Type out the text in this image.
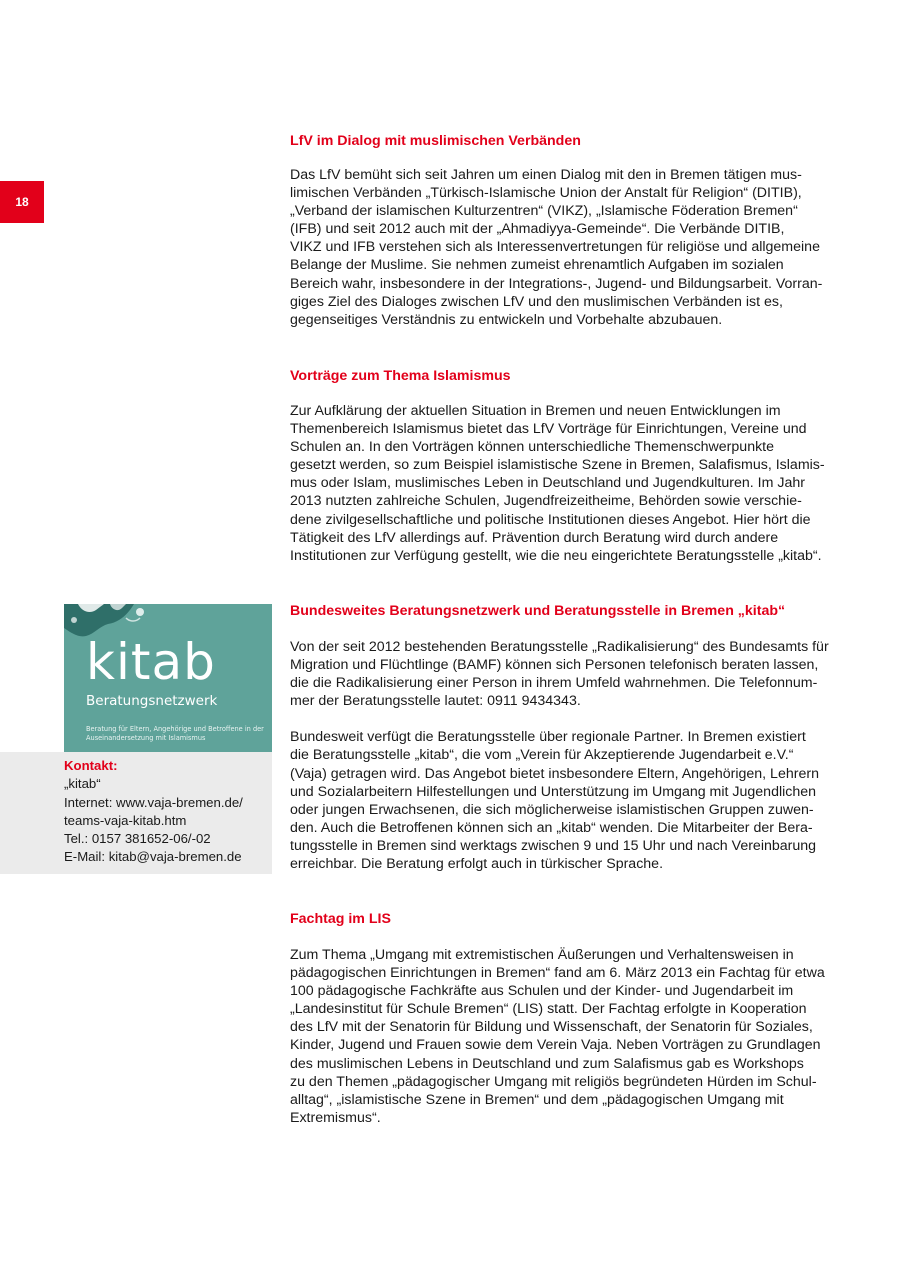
18
LfV im Dialog mit muslimischen Verbänden

Das LfV bemüht sich seit Jahren um einen Dialog mit den in Bremen tätigen mus-
limischen Verbänden „Türkisch-Islamische Union der Anstalt für Religion“ (DITIB),
„Verband der islamischen Kulturzentren“ (VIKZ), „Islamische Föderation Bremen“
(IFB) und seit 2012 auch mit der „Ahmadiyya-Gemeinde“. Die Verbände DITIB,
VIKZ und IFB verstehen sich als Interessenvertretungen für religiöse und allgemeine
Belange der Muslime. Sie nehmen zumeist ehrenamtlich Aufgaben im sozialen
Bereich wahr, insbesondere in der Integrations-, Jugend- und Bildungsarbeit. Vorran-
giges Ziel des Dialoges zwischen LfV und den muslimischen Verbänden ist es,
gegenseitiges Verständnis zu entwickeln und Vorbehalte abzubauen.

Vorträge zum Thema Islamismus

Zur Aufklärung der aktuellen Situation in Bremen und neuen Entwicklungen im
Themenbereich Islamismus bietet das LfV Vorträge für Einrichtungen, Vereine und
Schulen an. In den Vorträgen können unterschiedliche Themenschwerpunkte
gesetzt werden, so zum Beispiel islamistische Szene in Bremen, Salafismus, Islamis-
mus oder Islam, muslimisches Leben in Deutschland und Jugendkulturen. Im Jahr
2013 nutzten zahlreiche Schulen, Jugendfreizeitheime, Behörden sowie verschie-
dene zivilgesellschaftliche und politische Institutionen dieses Angebot. Hier hört die
Tätigkeit des LfV allerdings auf. Prävention durch Beratung wird durch andere
Institutionen zur Verfügung gestellt, wie die neu eingerichtete Beratungsstelle „kitab“.

Bundesweites Beratungsnetzwerk und Beratungsstelle in Bremen „kitab“

Von der seit 2012 bestehenden Beratungsstelle „Radikalisierung“ des Bundesamts für
Migration und Flüchtlinge (BAMF) können sich Personen telefonisch beraten lassen,
die die Radikalisierung einer Person in ihrem Umfeld wahrnehmen. Die Telefonnum-
mer der Beratungsstelle lautet: 0911 9434343.

Bundesweit verfügt die Beratungsstelle über regionale Partner. In Bremen existiert
die Beratungsstelle „kitab“, die vom „Verein für Akzeptierende Jugendarbeit e.V.“
(Vaja) getragen wird. Das Angebot bietet insbesondere Eltern, Angehörigen, Lehrern
und Sozialarbeitern Hilfestellungen und Unterstützung im Umgang mit Jugendlichen
oder jungen Erwachsenen, die sich möglicherweise islamistischen Gruppen zuwen-
den. Auch die Betroffenen können sich an „kitab“ wenden. Die Mitarbeiter der Bera-
tungsstelle in Bremen sind werktags zwischen 9 und 15 Uhr und nach Vereinbarung
erreichbar. Die Beratung erfolgt auch in türkischer Sprache.

Fachtag im LIS

Zum Thema „Umgang mit extremistischen Äußerungen und Verhaltensweisen in
pädagogischen Einrichtungen in Bremen“ fand am 6. März 2013 ein Fachtag für etwa
100 pädagogische Fachkräfte aus Schulen und der Kinder- und Jugendarbeit im
„Landesinstitut für Schule Bremen“ (LIS) statt. Der Fachtag erfolgte in Kooperation
des LfV mit der Senatorin für Bildung und Wissenschaft, der Senatorin für Soziales,
Kinder, Jugend und Frauen sowie dem Verein Vaja. Neben Vorträgen zu Grundlagen
des muslimischen Lebens in Deutschland und zum Salafismus gab es Workshops
zu den Themen „pädagogischer Umgang mit religiös begründeten Hürden im Schul-
alltag“, „islamistische Szene in Bremen“ und dem „pädagogischen Umgang mit
Extremismus“.

kitab
Beratungsnetzwerk
Beratung für Eltern, Angehörige und Betroffene in der Auseinandersetzung mit Islamismus
Kontakt:
„kitab“
Internet: www.vaja-bremen.de/
teams-vaja-kitab.htm
Tel.: 0157 381652-06/-02
E-Mail: kitab@vaja-bremen.de
